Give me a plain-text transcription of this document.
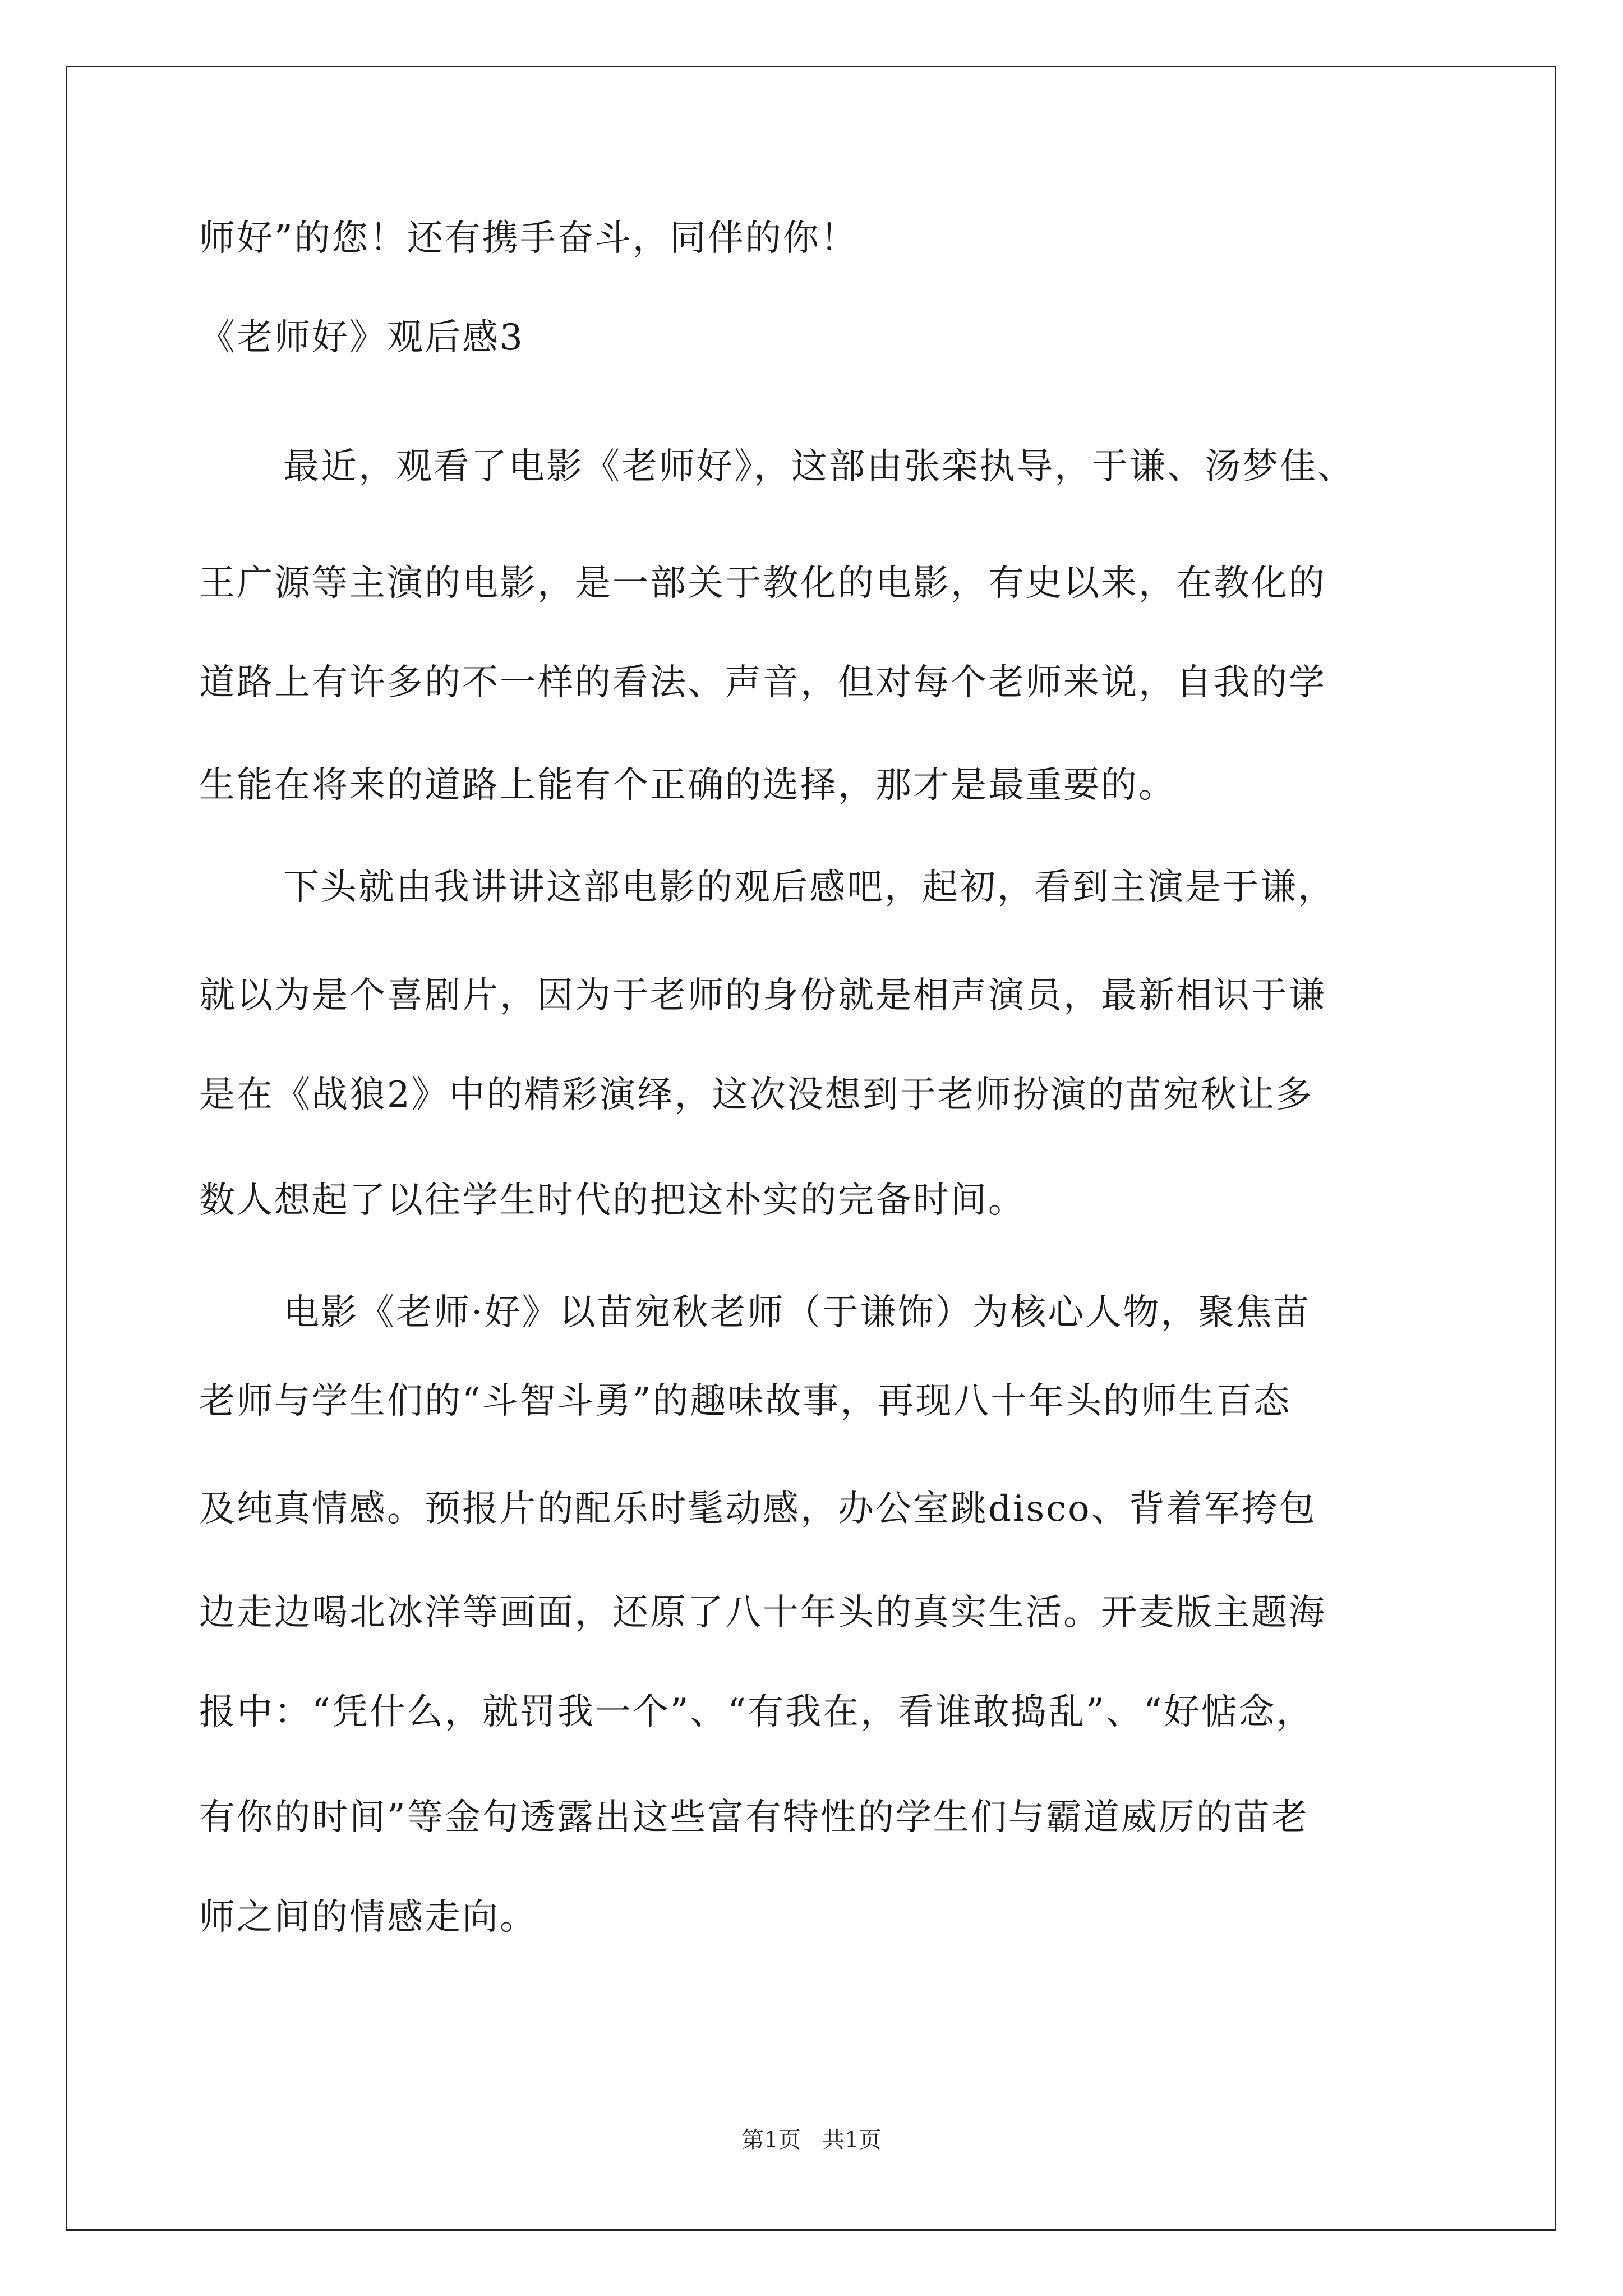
师好”的您！还有携手奋斗，同伴的你！
《老师好》观后感3
最近，观看了电影《老师好》，这部由张栾执导，于谦、汤梦佳、
王广源等主演的电影，是一部关于教化的电影，有史以来，在教化的
道路上有许多的不一样的看法、声音，但对每个老师来说，自我的学
生能在将来的道路上能有个正确的选择，那才是最重要的。
下头就由我讲讲这部电影的观后感吧，起初，看到主演是于谦，
就以为是个喜剧片，因为于老师的身份就是相声演员，最新相识于谦
是在《战狼2》中的精彩演绎，这次没想到于老师扮演的苗宛秋让多
数人想起了以往学生时代的把这朴实的完备时间。
电影《老师·好》以苗宛秋老师（于谦饰）为核心人物，聚焦苗
老师与学生们的“斗智斗勇”的趣味故事，再现八十年头的师生百态
及纯真情感。预报片的配乐时髦动感，办公室跳disco、背着军挎包
边走边喝北冰洋等画面，还原了八十年头的真实生活。开麦版主题海
报中：“凭什么，就罚我一个”、“有我在，看谁敢捣乱”、“好惦念，
有你的时间”等金句透露出这些富有特性的学生们与霸道威厉的苗老
师之间的情感走向。
第1页   共1页
